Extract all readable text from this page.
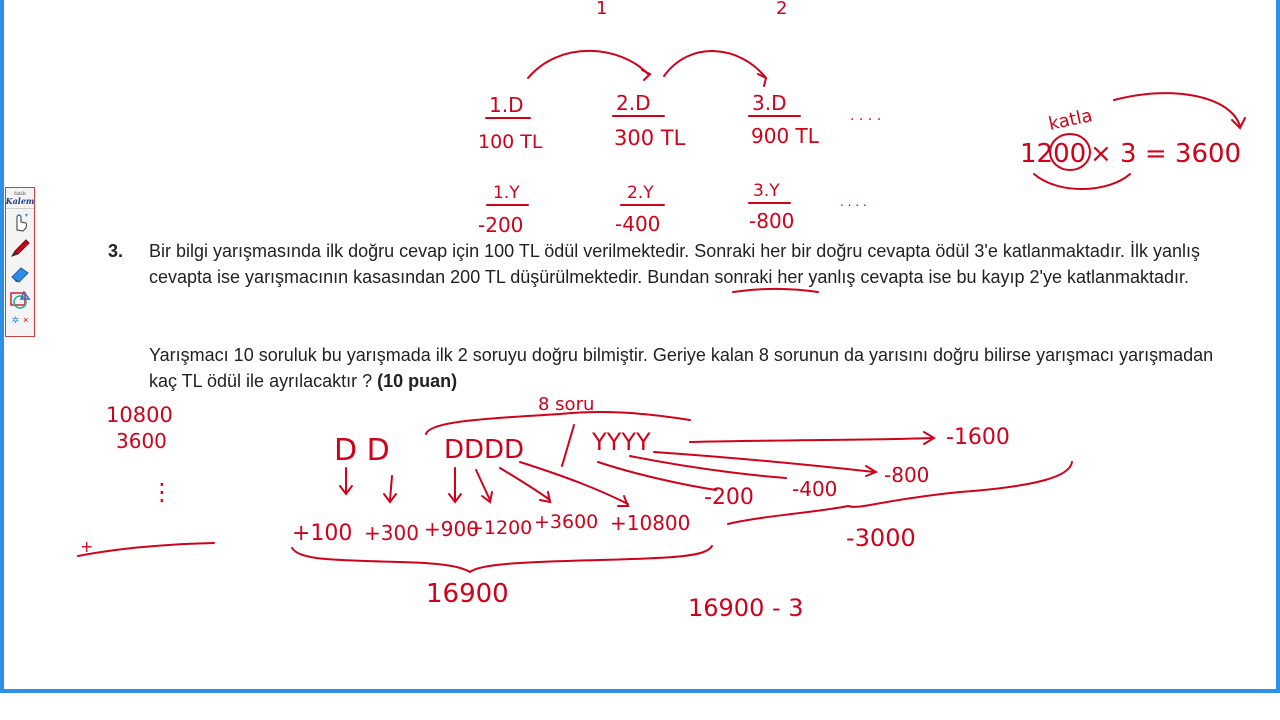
1	2
1.D
100 TL
2.D
300 TL
3.D
900 TL
. . . .
1.Y
-200
2.Y
-400
3.Y
-800
. . . .
katla
1200 × 3 = 3600
10800
3600
⋮
+
8 soru
D D DDDD	YYYY
+100 +300 +900
+1200 +3600 +10800
-200 -400
-800
-1600
16900
-3000
16900 - 3
3. Bir bilgi yarışmasında ilk doğru cevap için 100 TL ödül verilmektedir. Sonraki her bir doğru cevapta ödül 3'e katlanmaktadır. İlk yanlış cevapta ise yarışmacının kasasından 200 TL düşürülmektedir. Bundan sonraki her yanlış cevapta ise bu kayıp 2'ye katlanmaktadır.

Yarışmacı 10 soruluk bu yarışmada ilk 2 soruyu doğru bilmiştir. Geriye kalan 8 sorunun da yarısını doğru bilirse yarışmacı yarışmadan kaç TL ödül ile ayrılacaktır ? (10 puan)

fatih
Kalem
✲ ×
